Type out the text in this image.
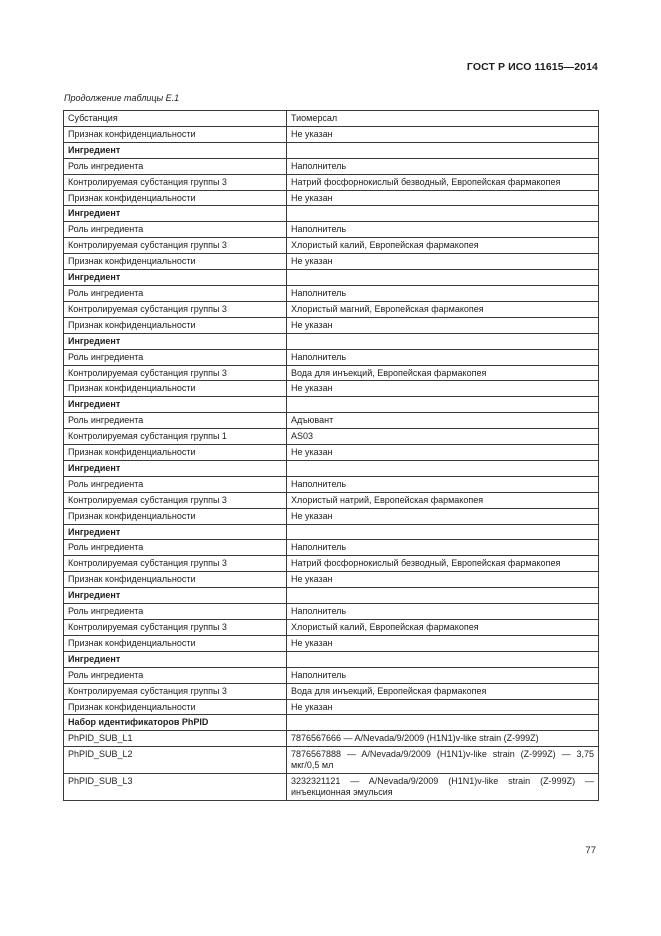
ГОСТ Р ИСО 11615—2014
Продолжение таблицы Е.1
Субстанция	Тиомерсал
Признак конфиденциальности	Не указан
Ингредиент	
Роль ингредиента	Наполнитель
Контролируемая субстанция группы 3	Натрий фосфорнокислый безводный, Европейская фармакопея
Признак конфиденциальности	Не указан
Ингредиент	
Роль ингредиента	Наполнитель
Контролируемая субстанция группы 3	Хлористый калий, Европейская фармакопея
Признак конфиденциальности	Не указан
Ингредиент	
Роль ингредиента	Наполнитель
Контролируемая субстанция группы 3	Хлористый магний, Европейская фармакопея
Признак конфиденциальности	Не указан
Ингредиент	
Роль ингредиента	Наполнитель
Контролируемая субстанция группы 3	Вода для инъекций, Европейская фармакопея
Признак конфиденциальности	Не указан
Ингредиент	
Роль ингредиента	Адъювант
Контролируемая субстанция группы 1	AS03
Признак конфиденциальности	Не указан
Ингредиент	
Роль ингредиента	Наполнитель
Контролируемая субстанция группы 3	Хлористый натрий, Европейская фармакопея
Признак конфиденциальности	Не указан
Ингредиент	
Роль ингредиента	Наполнитель
Контролируемая субстанция группы 3	Натрий фосфорнокислый безводный, Европейская фармакопея
Признак конфиденциальности	Не указан
Ингредиент	
Роль ингредиента	Наполнитель
Контролируемая субстанция группы 3	Хлористый калий, Европейская фармакопея
Признак конфиденциальности	Не указан
Ингредиент	
Роль ингредиента	Наполнитель
Контролируемая субстанция группы 3	Вода для инъекций, Европейская фармакопея
Признак конфиденциальности	Не указан
Набор идентификаторов PhPID	
PhPID_SUB_L1	7876567666 — A/Nevada/9/2009 (H1N1)v-like strain (Z-999Z)
PhPID_SUB_L2	7876567888 — A/Nevada/9/2009 (H1N1)v-like strain (Z-999Z) — 3,75 мкг/0,5 мл
PhPID_SUB_L3	3232321121 — A/Nevada/9/2009 (H1N1)v-like strain (Z-999Z) — инъекционная эмульсия
77
